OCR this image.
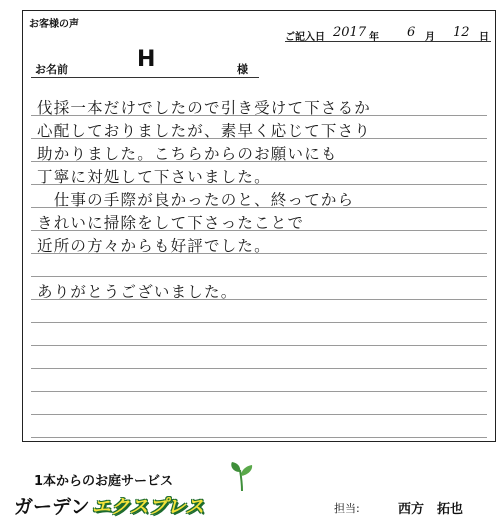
お客様の声
ご記入日 2017 年 6 月 12 日
お名前	H	様
伐採一本だけでしたので引き受けて下さるか
心配しておりましたが、素早く応じて下さり
助かりました。こちらからのお願いにも
丁寧に対処して下さいました。
　仕事の手際が良かったのと、終ってから
きれいに掃除をして下さったことで
近所の方々からも好評でした。
ありがとうございました。
1本からのお庭サービス
ガーデン エクスプレス	担当:	西方　拓也
